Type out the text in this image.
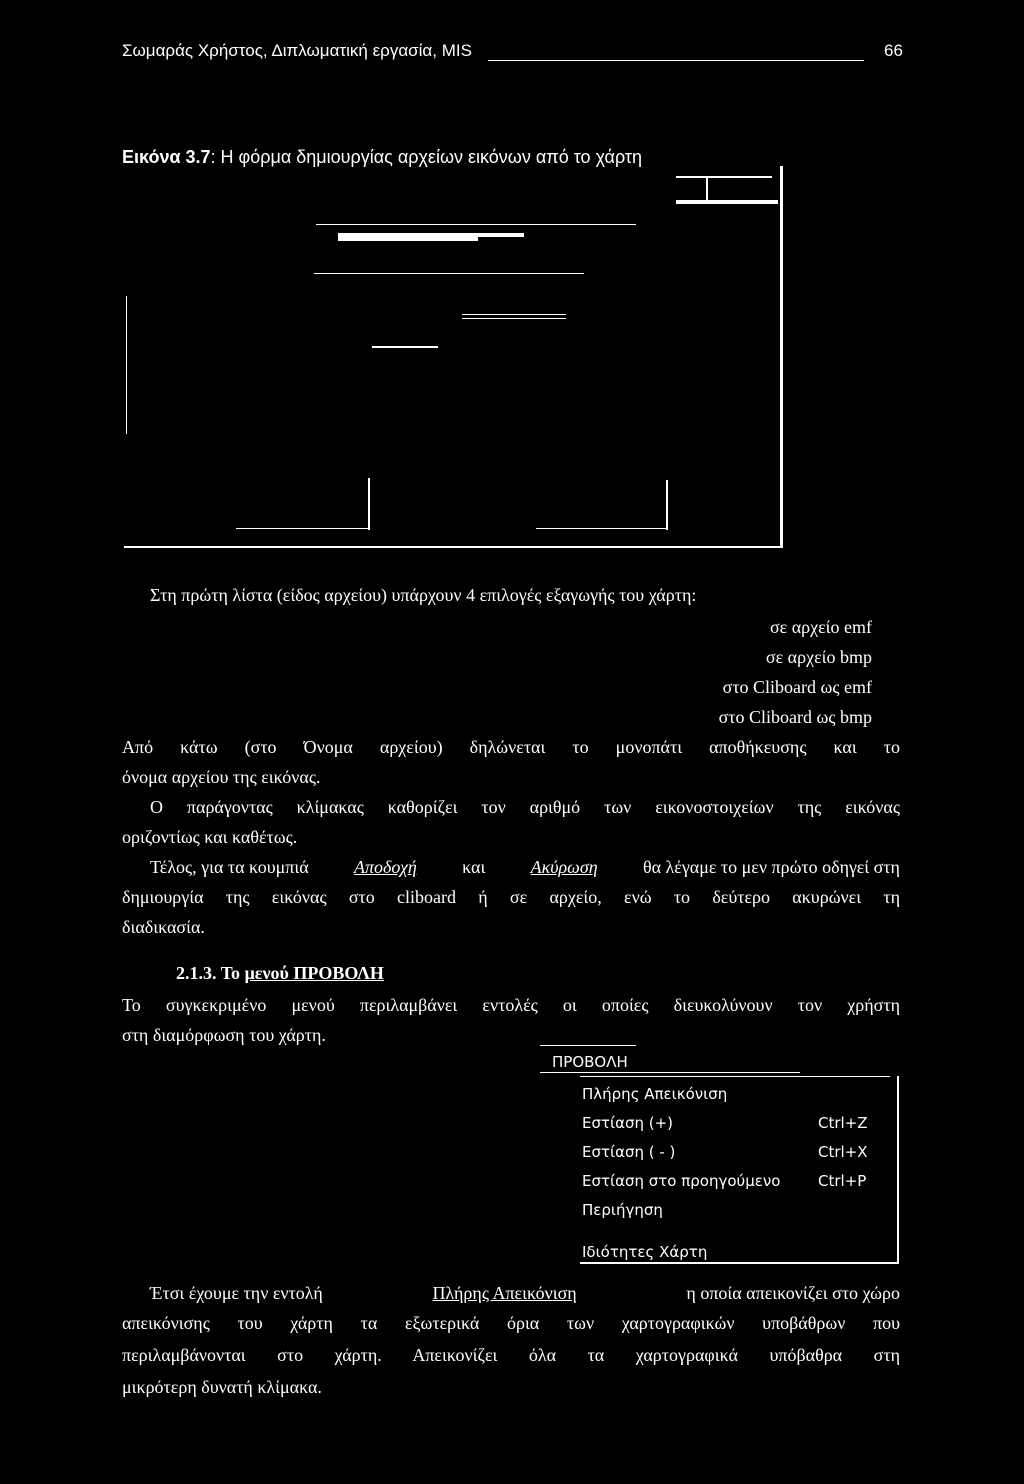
Σωμαράς Χρήστος, Διπλωματική εργασία, MIS	66
Εικόνα 3.7: Η φόρμα δημιουργίας αρχείων εικόνων από το χάρτη
Στη πρώτη λίστα (είδος αρχείου) υπάρχουν 4 επιλογές εξαγωγής του χάρτη:
σε αρχείο emf
σε αρχείο bmp
στο Cliboard ως emf
στο Cliboard ως bmp
Από κάτω (στο Όνομα αρχείου) δηλώνεται το μονοπάτι αποθήκευσης και το
όνομα αρχείου της εικόνας.
Ο παράγοντας κλίμακας καθορίζει τον αριθμό των εικονοστοιχείων της εικόνας
οριζοντίως και καθέτως.
Τέλος, για τα κουμπιά	Αποδοχή	και	Ακύρωση	θα λέγαμε το μεν πρώτο οδηγεί στη
δημιουργία της εικόνας στο cliboard ή σε αρχείο, ενώ το δεύτερο ακυρώνει τη
διαδικασία.
2.1.3. Το μενού ΠΡΟΒΟΛΗ
Το συγκεκριμένο μενού περιλαμβάνει εντολές οι οποίες διευκολύνουν τον χρήστη
στη διαμόρφωση του χάρτη.
ΠΡΟΒΟΛΗ
Πλήρης Απεικόνιση
Εστίαση (+)	Ctrl+Z
Εστίαση ( - )	Ctrl+X
Εστίαση στο προηγούμενο	Ctrl+P
Περιήγηση
Ιδιότητες Χάρτη
Έτσι έχουμε την εντολή	Πλήρης Απεικόνιση	η οποία απεικονίζει στο χώρο
απεικόνισης του χάρτη τα εξωτερικά όρια των χαρτογραφικών υποβάθρων που
περιλαμβάνονται στο χάρτη. Απεικονίζει όλα τα χαρτογραφικά υπόβαθρα στη
μικρότερη δυνατή κλίμακα.
